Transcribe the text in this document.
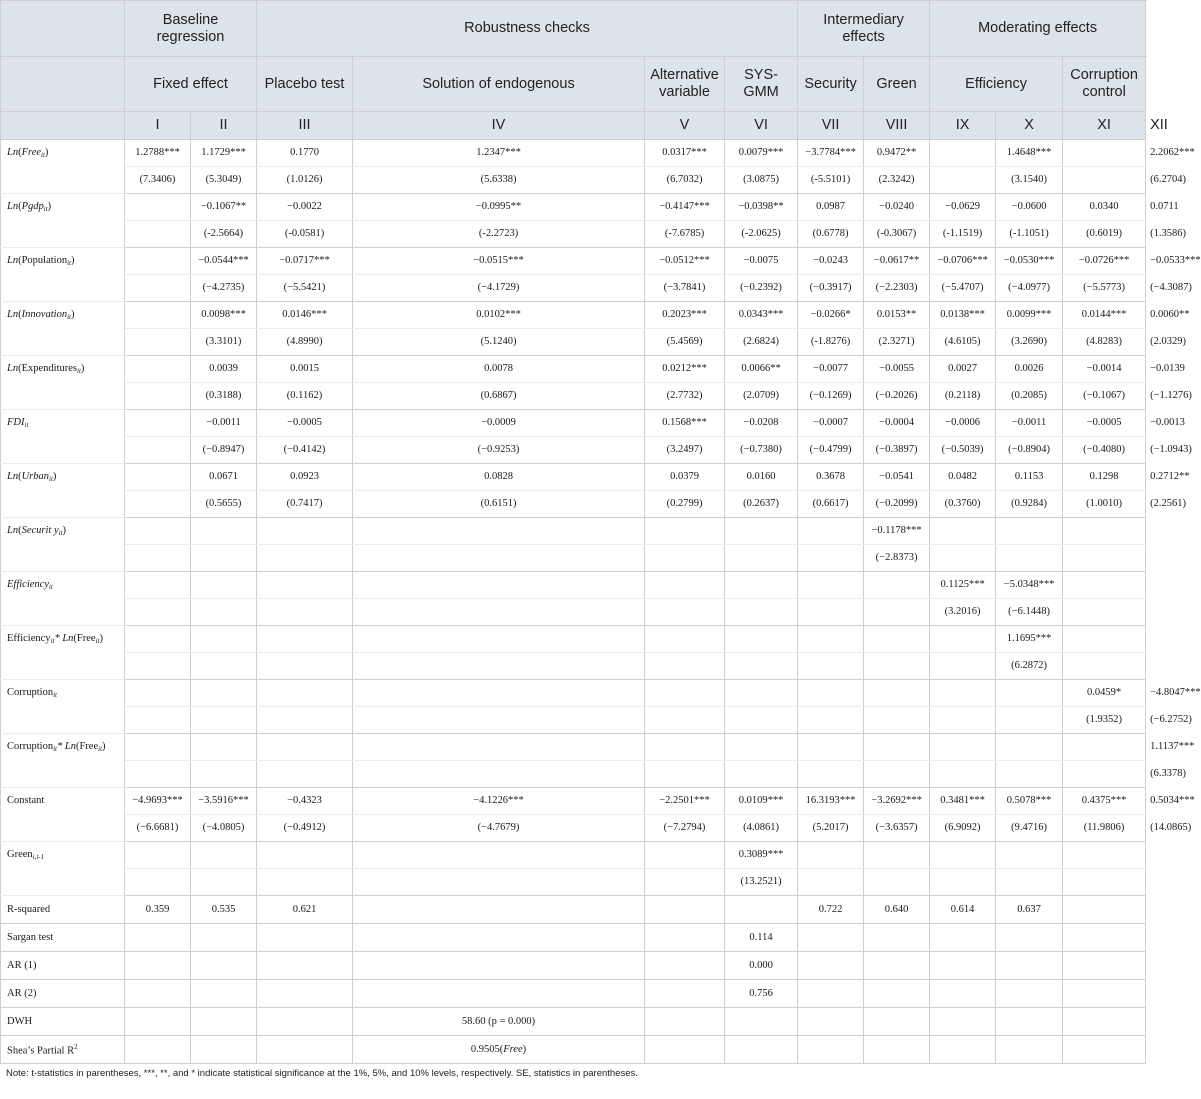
	Baseline regression		Robustness checks				Intermediary effects		Moderating effects			
	Fixed effect		Placebo test	Solution of endogenous	Alternative variable	SYS-GMM	Security	Green	Efficiency		Corruption control	
	I	II	III	IV	V	VI	VII	VIII	IX	X	XI	XII
Ln(Free$_{it}$)	1.2788***	1.1729***	0.1770	1.2347***	0.0317***	0.0079***	−3.7784***	0.9472**		1.4648***		2.2062***
	(7.3406)	(5.3049)	(1.0126)	(5.6338)	(6.7032)	(3.0875)	(-5.5101)	(2.3242)		(3.1540)		(6.2704)
Ln(Pgdp$_{it}$)		−0.1067**	−0.0022	−0.0995**	−0.4147***	−0.0398**	0.0987	−0.0240	−0.0629	−0.0600	0.0340	0.0711
		(-2.5664)	(-0.0581)	(-2.2723)	(-7.6785)	(-2.0625)	(0.6778)	(-0.3067)	(-1.1519)	(-1.1051)	(0.6019)	(1.3586)
Ln(Population$_{it}$)		−0.0544***	−0.0717***	−0.0515***	−0.0512***	−0.0075	−0.0243	−0.0617**	−0.0706***	−0.0530***	−0.0726***	−0.0533***
		(−4.2735)	(−5.5421)	(−4.1729)	(−3.7841)	(−0.2392)	(−0.3917)	(−2.2303)	(−5.4707)	(−4.0977)	(−5.5773)	(−4.3087)
Ln(Innovation$_{it}$)		0.0098***	0.0146***	0.0102***	0.2023***	0.0343***	−0.0266*	0.0153**	0.0138***	0.0099***	0.0144***	0.0060**
		(3.3101)	(4.8990)	(5.1240)	(5.4569)	(2.6824)	(-1.8276)	(2.3271)	(4.6105)	(3.2690)	(4.8283)	(2.0329)
Ln(Expenditures$_{it}$)		0.0039	0.0015	0.0078	0.0212***	0.0066**	−0.0077	−0.0055	0.0027	0.0026	−0.0014	−0.0139
		(0.3188)	(0.1162)	(0.6867)	(2.7732)	(2.0709)	(−0.1269)	(−0.2026)	(0.2118)	(0.2085)	(−0.1067)	(−1.1276)
$FDI_{it}$		−0.0011	−0.0005	−0.0009	0.1568***	−0.0208	−0.0007	−0.0004	−0.0006	−0.0011	−0.0005	−0.0013
		(−0.8947)	(−0.4142)	(−0.9253)	(3.2497)	(−0.7380)	(−0.4799)	(−0.3897)	(−0.5039)	(−0.8904)	(−0.4080)	(−1.0943)
Ln(Urban$_{it}$)		0.0671	0.0923	0.0828	0.0379	0.0160	0.3678	−0.0541	0.0482	0.1153	0.1298	0.2712**
		(0.5655)	(0.7417)	(0.6151)	(0.2799)	(0.2637)	(0.6617)	(−0.2099)	(0.3760)	(0.9284)	(1.0010)	(2.2561)
Ln(Securit $y_{it}$)								−0.1178***				
								(−2.8373)				
Efficiency$_{it}$									0.1125***	−5.0348***		
									(3.2016)	(−6.1448)		
Efficiency$_{it}$* Ln(Free$_{it}$)										1.1695***		
										(6.2872)		
Corruption$_{it}$											0.0459*	−4.8047***
											(1.9352)	(−6.2752)
Corruption$_{it}$* Ln(Free$_{it}$)												1.1137***
												(6.3378)
Constant	−4.9693***	−3.5916***	−0.4323	−4.1226***	−2.2501***	0.0109***	16.3193***	−3.2692***	0.3481***	0.5078***	0.4375***	0.5034***
	(−6.6681)	(−4.0805)	(−0.4912)	(−4.7679)	(−7.2794)	(4.0861)	(5.2017)	(−3.6357)	(6.9092)	(9.4716)	(11.9806)	(14.0865)
Green$_{i,t-1}$						0.3089***						
						(13.2521)						
R-squared	0.359	0.535	0.621				0.722	0.640	0.614	0.637		
Sargan test						0.114						
AR (1)						0.000						
AR (2)						0.756						
DWH				58.60 (p = 0.000)								
Shea’s Partial $R^2$				0.9505(Free)								
Note: t-statistics in parentheses, ***, **, and * indicate statistical significance at the 1%, 5%, and 10% levels, respectively. SE, statistics in parentheses.
